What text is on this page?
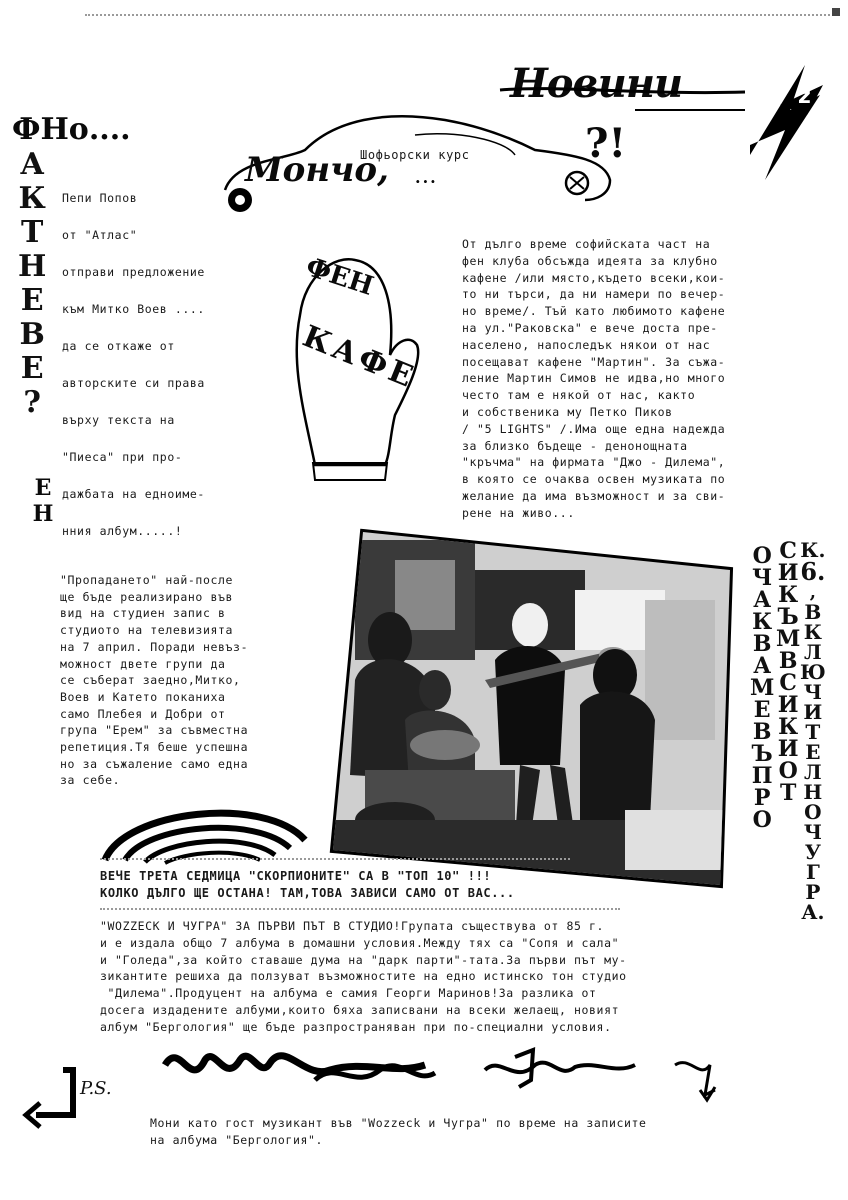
Новини	z
ФНо....
А
К
Т
Н
Е
В
Е
?
ЕН
Мончо,
Шофьорски курс
...
?!

Пепи Попов

от "Атлас"

отправи предложение

към Митко Воев ....

да се откаже от

авторските си права

върху текста на

"Пиеса" при про-

дажбата на едноиме-

нния албум.....!

ФЕН
КАФЕ

От дълго време софийската част на

фен клуба обсъжда идеята за клубно

кафене /или място,където всеки,кои-

то ни търси, да ни намери по вечер-

но време/. Тъй като любимото кафене

на ул."Раковска" е вече доста пре-

населено, напоследък някои от нас

посещават кафене "Мартин". За съжа-

ление Мартин Симов не идва,но много

често там е някой от нас, както

и собственика му Петко Пиков

/ "5 LIGHTS" /.Има още една надежда

за близко бъдеще - денонощната

"кръчма" на фирмата "Джо - Дилема",

в която се очаква освен музиката по

желание да има възможност и за сви-

рене на живо...

О
Ч
А
К
В
А
М
Е
В
Ъ
П
Р
О
С
И
К
Ъ
М
В
С
И
К
И
О
Т
К.
6.
,
В
К
Л
Ю
Ч
И
Т
Е
Л
Н
О
Ч
У
Г
Р
А.

"Пропадането" най-после

ще бъде реализирано във

вид на студиен запис в

студиото на телевизията

на 7 април. Поради невъз-

можност двете групи да

се съберат заедно,Митко,

Воев и Катето поканиха

само Плебея и Добри от

група "Ерем" за съвместна

репетиция.Тя беше успешна

но за съжаление само една

за себе.

ВЕЧЕ ТРЕТА СЕДМИЦА "СКОРПИОНИТЕ" СА В "ТОП 10" !!!

КОЛКО ДЪЛГО ЩЕ ОСТАНА! ТАМ,ТОВА ЗАВИСИ САМО ОТ ВАС...

"WOZZECK И ЧУГРА" ЗА ПЪРВИ ПЪТ В СТУДИО!Групата съществува от 85 г.

и е издала общо 7 албума в домашни условия.Между тях са "Сопя и сала"

и "Голеда",за който ставаше дума на "дарк парти"-тата.За първи път му-

зикантите решиха да ползуват възможностите на едно истинско тон студио

"Дилема".Продуцент на албума е самия Георги Маринов!За разлика от

досега издадените албуми,които бяха записвани на всеки желаещ, новият

албум "Бергология" ще бъде разпространяван при по-специални условия.

P.S.

Мони като гост музикант във "Wozzeck и Чугра" по време на записите

на албума "Бергология".
